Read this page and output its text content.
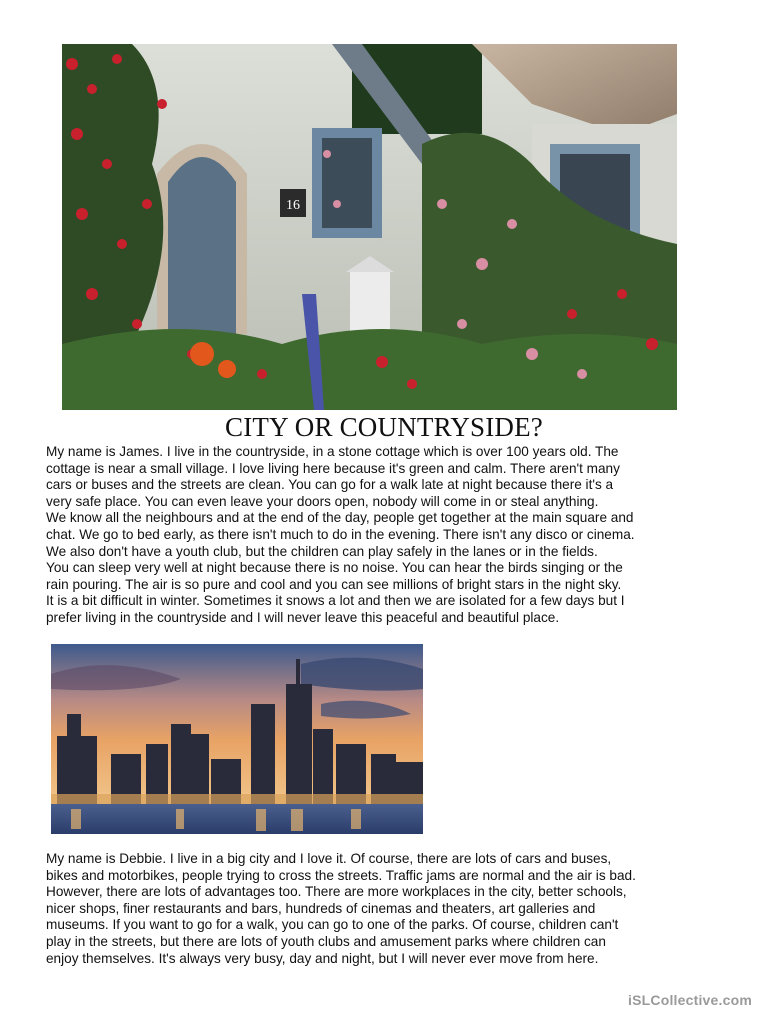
16
CITY OR COUNTRYSIDE?

My name is James. I live in the countryside, in a stone cottage which is over 100 years old. The

cottage is near a small village. I love living here because it's green and calm. There aren't many

cars or buses and the streets are clean. You can go for a walk late at night because there it's a

very safe place. You can even leave your doors open, nobody will come in or steal anything.

We know all the neighbours and at the end of the day, people get together at the main square and

chat. We go to bed early, as there isn't much to do in the evening. There isn't any disco or cinema.

We also don't have a youth club, but the children can play safely in the lanes or in the fields.

You can sleep very well at night because there is no noise. You can hear the birds singing or the

rain pouring. The air is so pure and cool and you can see millions of bright stars in the night sky.

It is a bit difficult in winter. Sometimes it snows a lot and then we are isolated for a few days but I

prefer living in the countryside and I will never leave this peaceful and beautiful place.

My name is Debbie. I live in a big city and I love it. Of course, there are lots of cars and buses,

bikes and motorbikes, people trying to cross the streets. Traffic jams are normal and the air is bad.

However, there are lots of advantages too. There are more workplaces in the city, better schools,

nicer shops, finer restaurants and bars, hundreds of cinemas and theaters, art galleries and

museums. If you want to go for a walk, you can go to one of the parks. Of course, children can't

play in the streets, but there are lots of youth clubs and amusement parks where children can

enjoy themselves. It's always very busy, day and night, but I will never ever move from here.

iSLCollective.com
